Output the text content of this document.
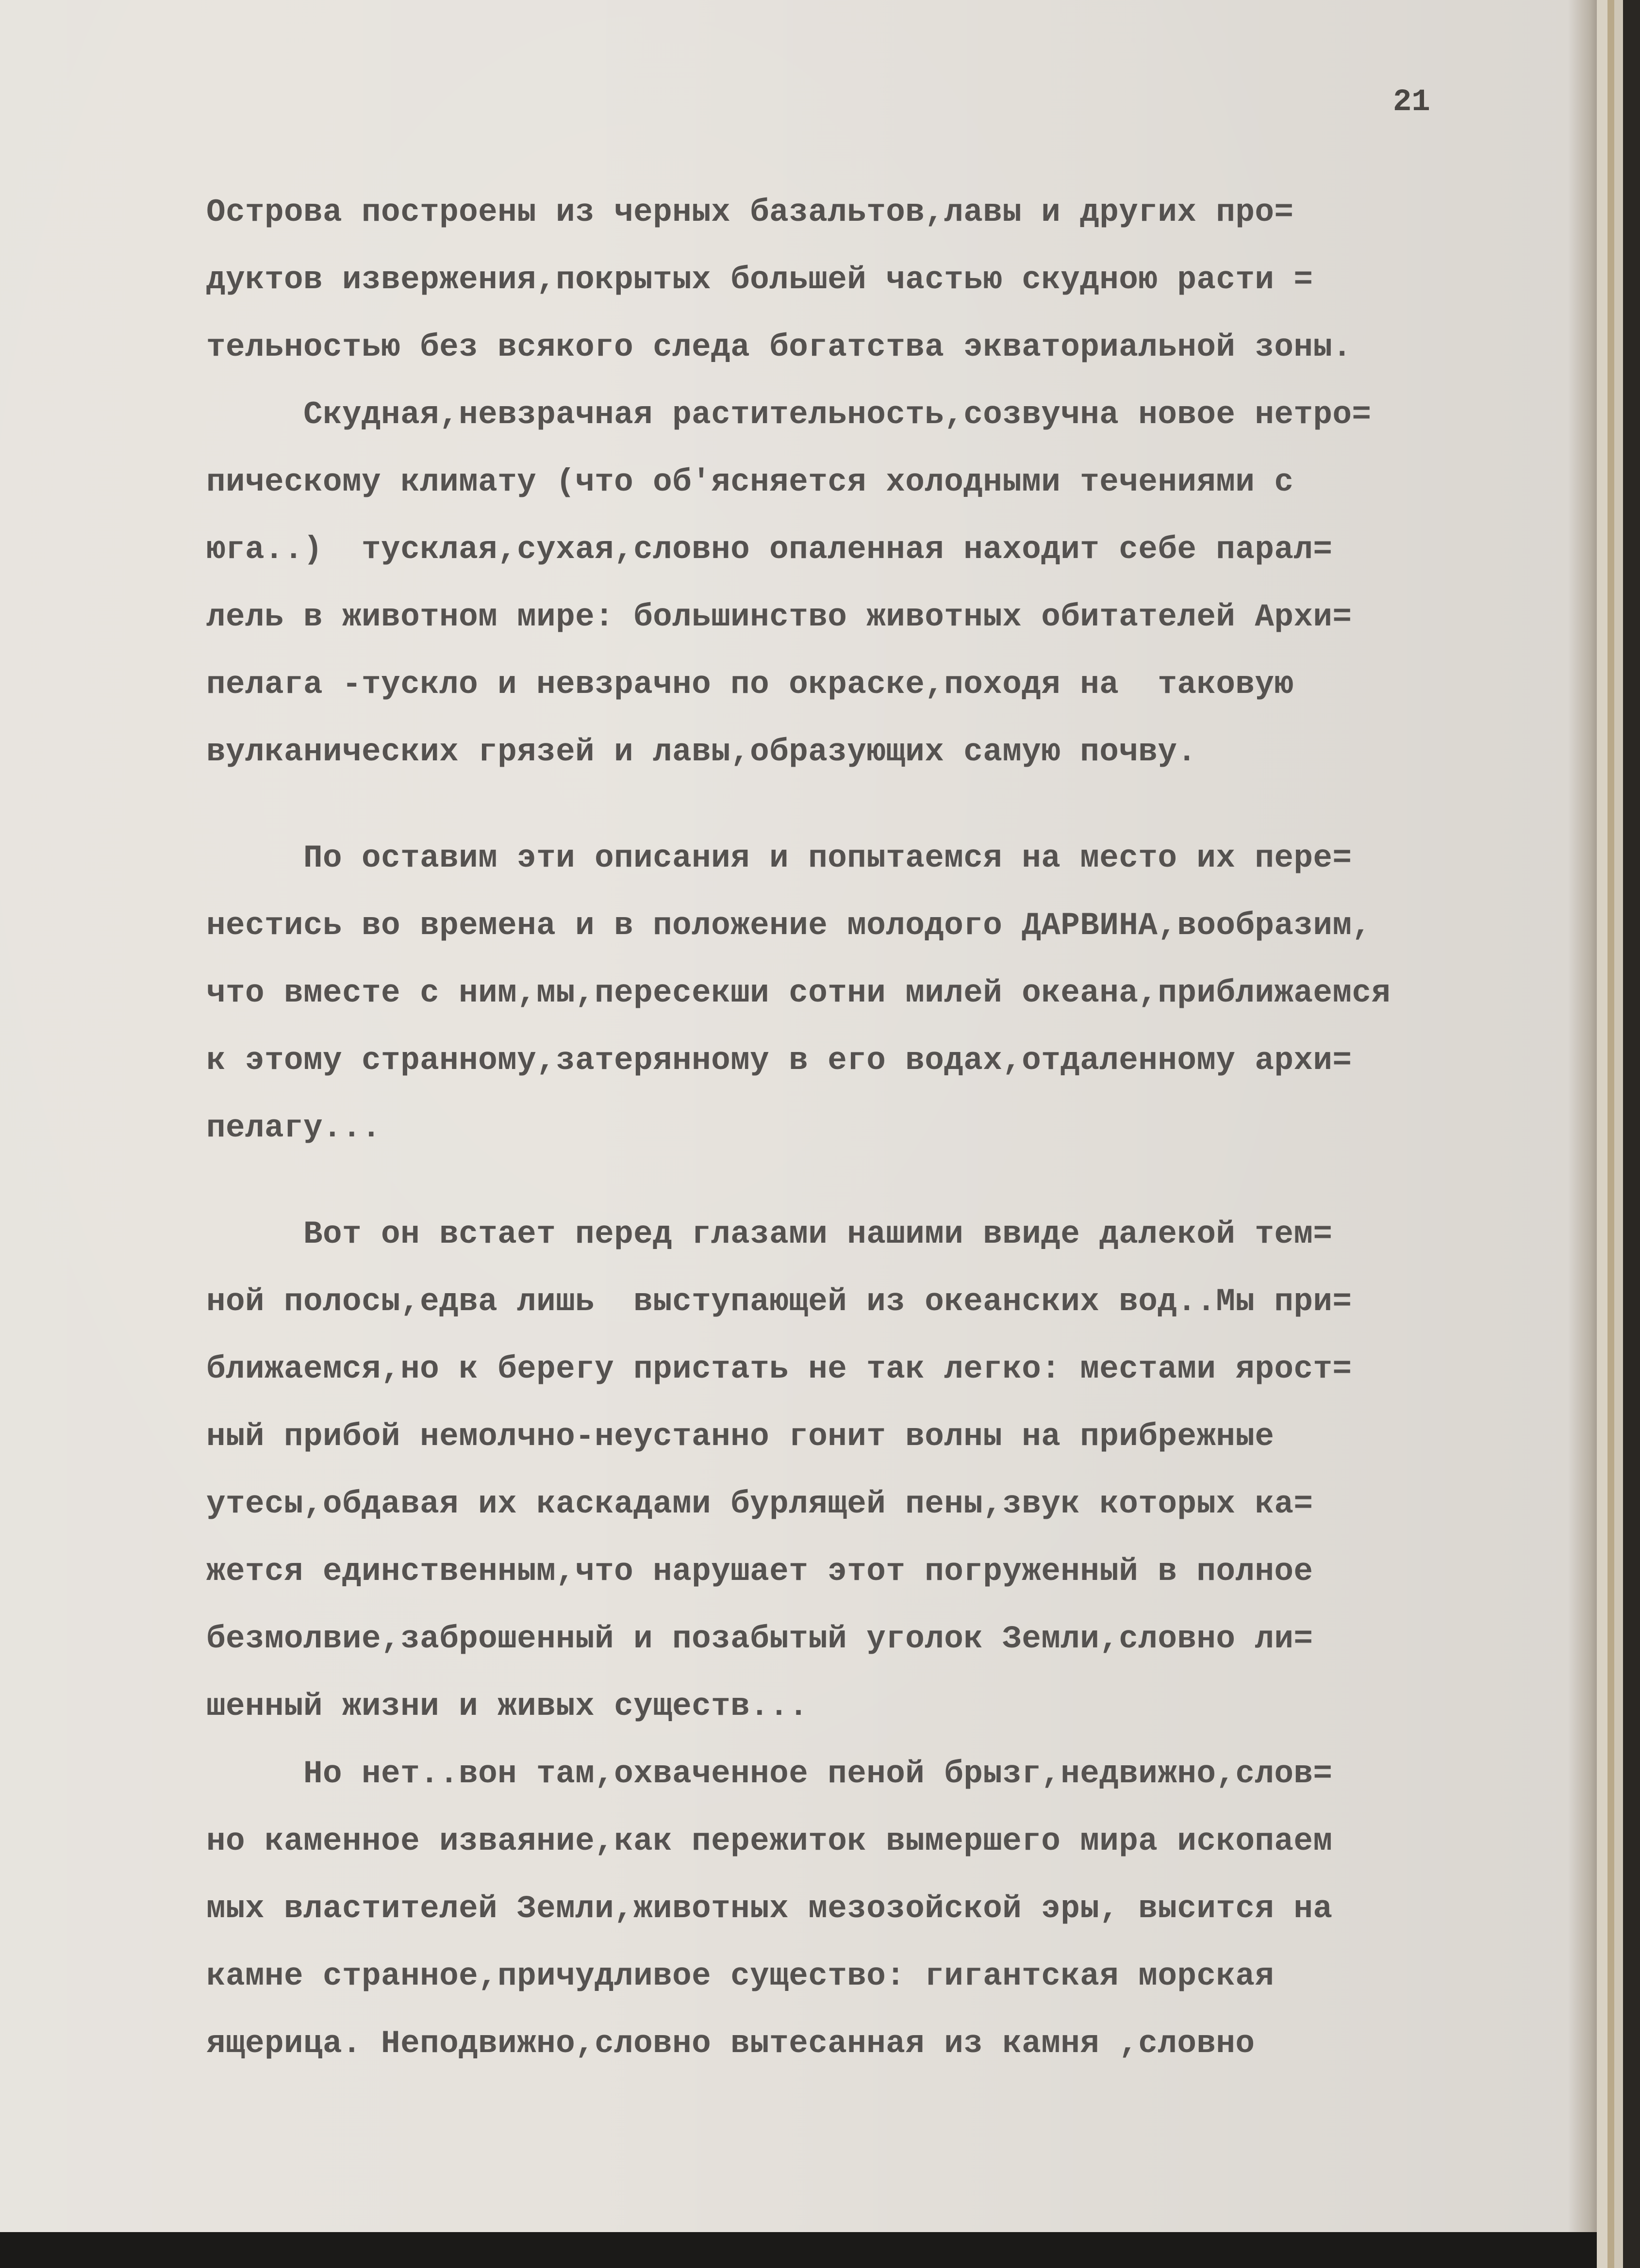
21
Острова построены из черных базальтов,лавы и других про=
дуктов извержения,покрытых большей частью скудною расти =
тельностью без всякого следа богатства экваториальной зоны.
Скудная,невзрачная растительность,созвучна новое нетро=
пическому климату (что об'ясняется холодными течениями с
юга..)  тусклая,сухая,словно опаленная находит себе парал=
лель в животном мире: большинство животных обитателей Архи=
пелага -тускло и невзрачно по окраске,походя на  таковую
вулканических грязей и лавы,образующих самую почву.
По оставим эти описания и попытаемся на место их пере=
нестись во времена и в положение молодого ДАРВИНА,вообразим,
что вместе с ним,мы,пересекши сотни милей океана,приближаемся
к этому странному,затерянному в его водах,отдаленному архи=
пелагу...
Вот он встает перед глазами нашими ввиде далекой тем=
ной полосы,едва лишь  выступающей из океанских вод..Мы при=
ближаемся,но к берегу пристать не так легко: местами ярост=
ный прибой немолчно-неустанно гонит волны на прибрежные
утесы,обдавая их каскадами бурлящей пены,звук которых ка=
жется единственным,что нарушает этот погруженный в полное
безмолвие,заброшенный и позабытый уголок Земли,словно ли=
шенный жизни и живых существ...
Но нет..вон там,охваченное пеной брызг,недвижно,слов=
но каменное изваяние,как пережиток вымершего мира ископаем
мых властителей Земли,животных мезозойской эры, высится на
камне странное,причудливое существо: гигантская морская
ящерица. Неподвижно,словно вытесанная из камня ,словно
